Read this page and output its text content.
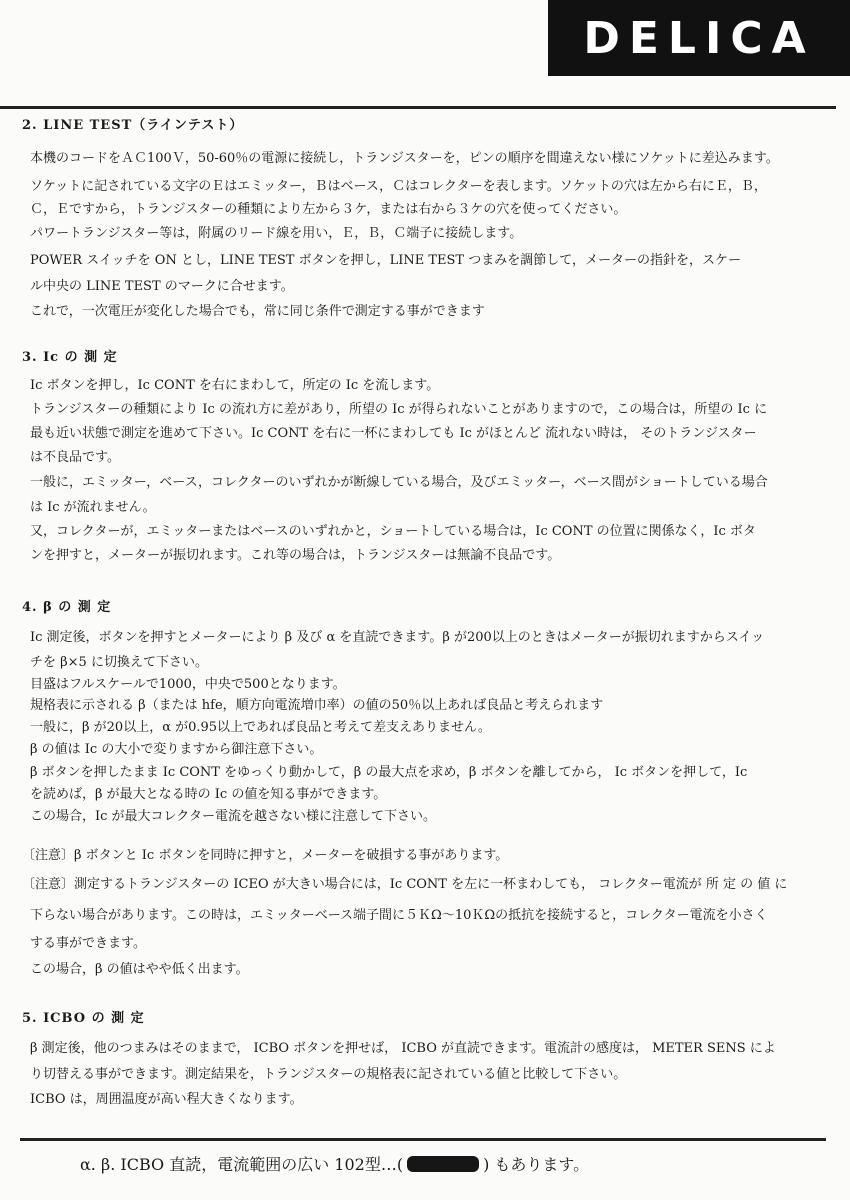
DELICA
2. LINE TEST（ラインテスト）
本機のコードをＡＣ100Ｖ，50-60％の電源に接続し，トランジスターを，ピンの順序を間違えない様にソケットに差込みます。
ソケットに記されている文字のＥはエミッター，Ｂはベース，Ｃはコレクターを表します。ソケットの穴は左から右にＥ，Ｂ，
Ｃ，Ｅですから，トランジスターの種類により左から３ケ，または右から３ケの穴を使ってください。
パワートランジスター等は，附属のリード線を用い，Ｅ，Ｂ，Ｃ端子に接続します。
POWER スイッチを ON とし，LINE TEST ボタンを押し，LINE TEST つまみを調節して，メーターの指針を，スケー
ル中央の LINE TEST のマークに合せます。
これで，一次電圧が変化した場合でも，常に同じ条件で測定する事ができます
3. Ic の 測 定
Ic ボタンを押し，Ic CONT を右にまわして，所定の Ic を流します。
トランジスターの種類により Ic の流れ方に差があり，所望の Ic が得られないことがありますので，この場合は，所望の Ic に
最も近い状態で測定を進めて下さい。Ic CONT を右に一杯にまわしても Ic がほとんど 流れない時は， そのトランジスター
は不良品です。
一般に，エミッター，ベース，コレクターのいずれかが断線している場合，及びエミッター，ベース間がショートしている場合
は Ic が流れません。
又，コレクターが，エミッターまたはベースのいずれかと，ショートしている場合は，Ic CONT の位置に関係なく，Ic ボタ
ンを押すと，メーターが振切れます。これ等の場合は，トランジスターは無論不良品です。
4. β の 測 定
Ic 測定後，ボタンを押すとメーターにより β 及び α を直読できます。β が200以上のときはメーターが振切れますからスイッ
チを β×5 に切換えて下さい。
目盛はフルスケールで1000，中央で500となります。
規格表に示される β（または hfe，順方向電流増巾率）の値の50％以上あれば良品と考えられます
一般に，β が20以上，α が0.95以上であれば良品と考えて差支えありません。
β の値は Ic の大小で変りますから御注意下さい。
β ボタンを押したまま Ic CONT をゆっくり動かして，β の最大点を求め，β ボタンを離してから， Ic ボタンを押して，Ic
を読めば，β が最大となる時の Ic の値を知る事ができます。
この場合，Ic が最大コレクター電流を越さない様に注意して下さい。
〔注意〕β ボタンと Ic ボタンを同時に押すと，メーターを破損する事があります。
〔注意〕測定するトランジスターの ICEO が大きい場合には，Ic CONT を左に一杯まわしても， コレクター電流が 所 定 の 値 に
下らない場合があります。この時は，エミッターベース端子間に５ＫΩ〜10ＫΩの抵抗を接続すると，コレクター電流を小さく
する事ができます。
この場合，β の値はやや低く出ます。
5. ICBO の 測 定
β 測定後，他のつまみはそのままで， ICBO ボタンを押せば， ICBO が直読できます。電流計の感度は， METER SENS によ
り切替える事ができます。測定結果を，トランジスターの規格表に記されている値と比較して下さい。
ICBO は，周囲温度が高い程大きくなります。
α. β. ICBO 直読，電流範囲の広い 102型…(	) もあります。
